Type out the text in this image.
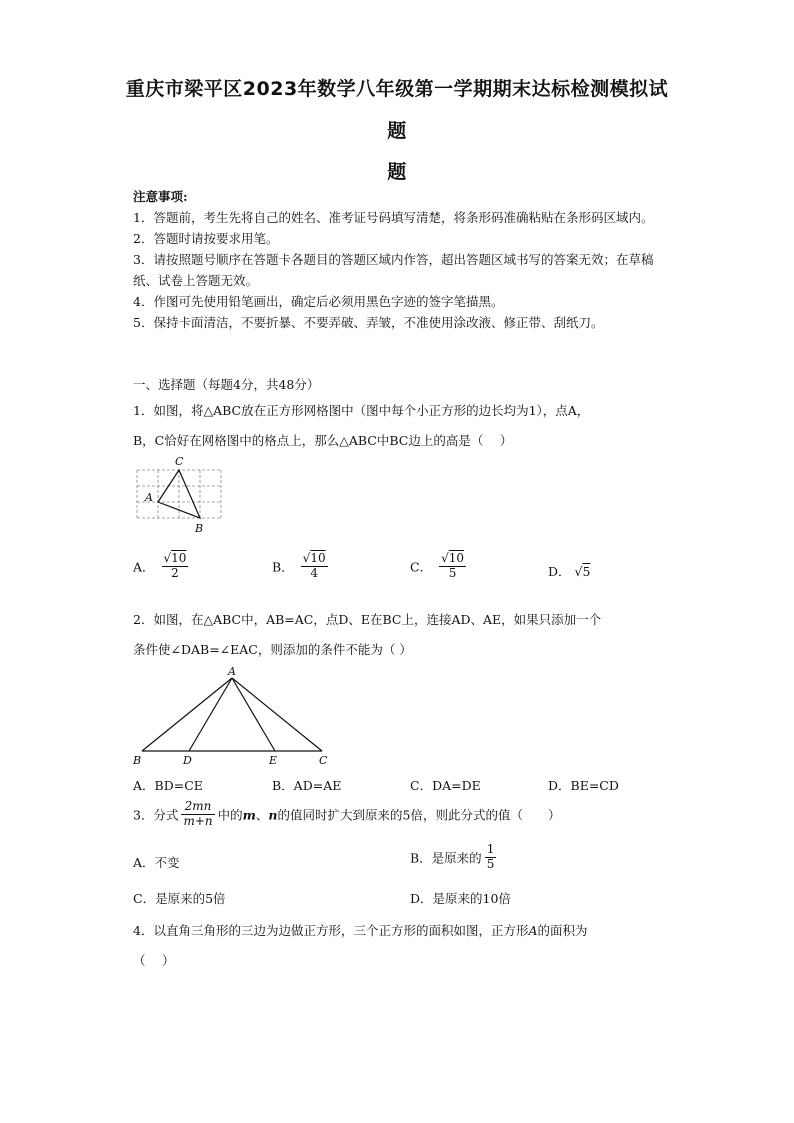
重庆市梁平区2023年数学八年级第一学期期末达标检测模拟试
题
题
注意事项:
1．答题前，考生先将自己的姓名、准考证号码填写清楚，将条形码准确粘贴在条形码区域内。
2．答题时请按要求用笔。
3．请按照题号顺序在答题卡各题目的答题区域内作答，超出答题区域书写的答案无效；在草稿纸、试卷上答题无效。
4．作图可先使用铅笔画出，确定后必须用黑色字迹的签字笔描黑。
5．保持卡面清洁，不要折暴、不要弄破、弄皱，不准使用涂改液、修正带、刮纸刀。
一、选择题（每题4分，共48分）
1．如图，将△ABC放在正方形网格图中（图中每个小正方形的边长均为1），点A，
B，C恰好在网格图中的格点上，那么△ABC中BC边上的高是（　 ）
C
A
B
A． $\frac{√10}{2}$	B． $\frac{√10}{4}$	C． $\frac{√10}{5}$	D． √5
2．如图，在△ABC中，AB=AC，点D、E在BC上，连接AD、AE，如果只添加一个
条件使∠DAB=∠EAC，则添加的条件不能为（ ）
A
B	D	E	C
A．BD=CE	B．AD=AE	C．DA=DE	D．BE=CD
3．分式 $\frac{2mn}{m+n}$ 中的m、n的值同时扩大到原来的5倍，则此分式的值（　　）
A．不变	B．是原来的 $\frac{1}{5}$
C．是原来的5倍	D．是原来的10倍
4．以直角三角形的三边为边做正方形，三个正方形的面积如图，正方形A的面积为
（　 ）
